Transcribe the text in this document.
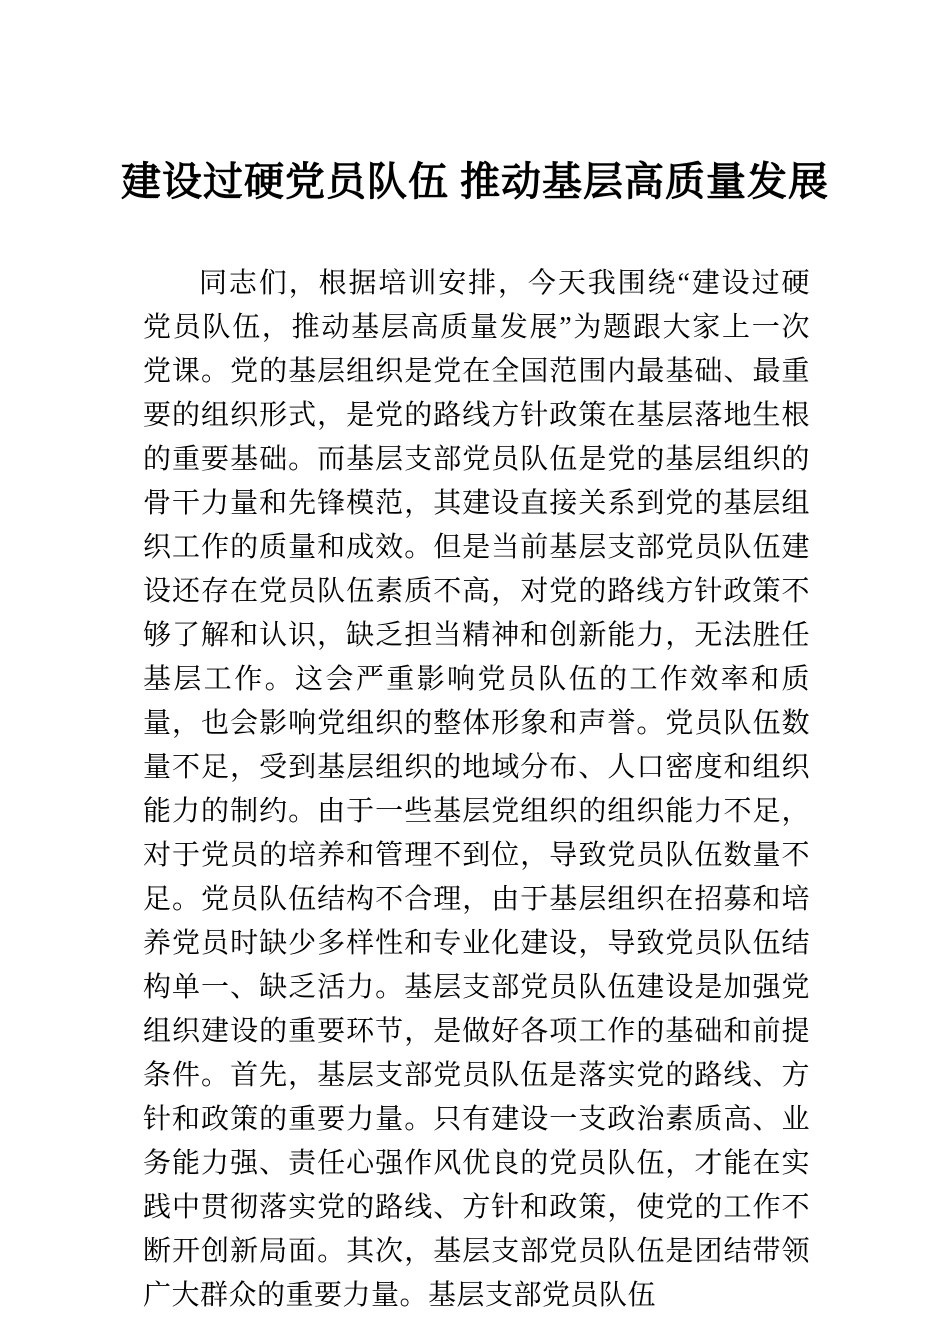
建设过硬党员队伍 推动基层高质量发展

同志们，根据培训安排，今天我围绕“建设过硬党员队伍，推动基层高质量发展”为题跟大家上一次党课。党的基层组织是党在全国范围内最基础、最重要的组织形式，是党的路线方针政策在基层落地生根的重要基础。而基层支部党员队伍是党的基层组织的骨干力量和先锋模范，其建设直接关系到党的基层组织工作的质量和成效。但是当前基层支部党员队伍建设还存在党员队伍素质不高，对党的路线方针政策不够了解和认识，缺乏担当精神和创新能力，无法胜任基层工作。这会严重影响党员队伍的工作效率和质量，也会影响党组织的整体形象和声誉。党员队伍数量不足，受到基层组织的地域分布、人口密度和组织能力的制约。由于一些基层党组织的组织能力不足，对于党员的培养和管理不到位，导致党员队伍数量不足。党员队伍结构不合理，由于基层组织在招募和培养党员时缺少多样性和专业化建设，导致党员队伍结构单一、缺乏活力。基层支部党员队伍建设是加强党组织建设的重要环节，是做好各项工作的基础和前提条件。首先，基层支部党员队伍是落实党的路线、方针和政策的重要力量。只有建设一支政治素质高、业务能力强、责任心强作风优良的党员队伍，才能在实践中贯彻落实党的路线、方针和政策，使党的工作不断开创新局面。其次，基层支部党员队伍是团结带领广大群众的重要力量。基层支部党员队伍
